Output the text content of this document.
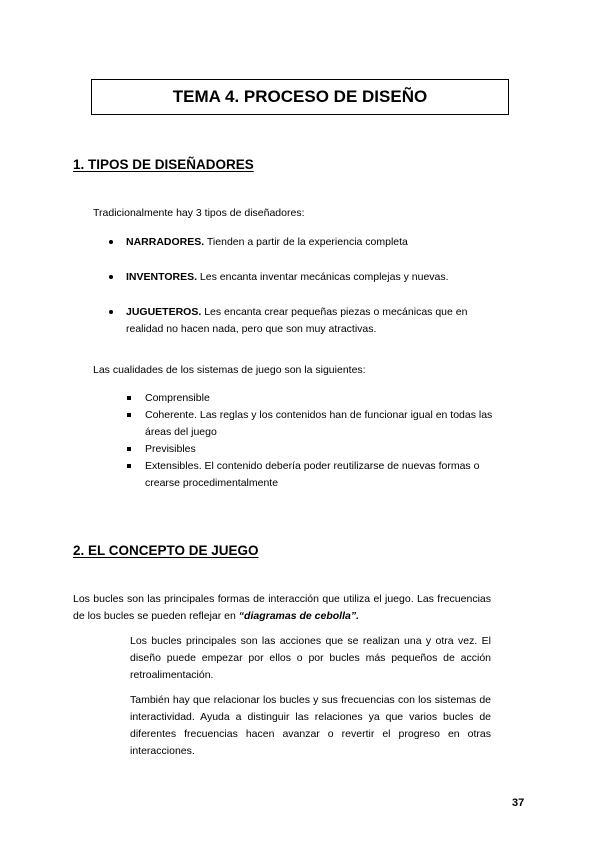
TEMA 4. PROCESO DE DISEÑO
1. TIPOS DE DISEÑADORES
Tradicionalmente hay 3 tipos de diseñadores:
NARRADORES. Tienden a partir de la experiencia completa
INVENTORES. Les encanta inventar mecánicas complejas y nuevas.
JUGUETEROS. Les encanta crear pequeñas piezas o mecánicas que en realidad no hacen nada, pero que son muy atractivas.
Las cualidades de los sistemas de juego son la siguientes:
Comprensible
Coherente. Las reglas y los contenidos han de funcionar igual en todas las áreas del juego
Previsibles
Extensibles. El contenido debería poder reutilizarse de nuevas formas o crearse procedimentalmente
2. EL CONCEPTO DE JUEGO
Los bucles son las principales formas de interacción que utiliza el juego. Las frecuencias de los bucles se pueden reflejar en “diagramas de cebolla”.
Los bucles principales son las acciones que se realizan una y otra vez. El diseño puede empezar por ellos o por bucles más pequeños de acción retroalimentación.
También hay que relacionar los bucles y sus frecuencias con los sistemas de interactividad. Ayuda a distinguir las relaciones ya que varios bucles de diferentes frecuencias hacen avanzar o revertir el progreso en otras interacciones.
37
